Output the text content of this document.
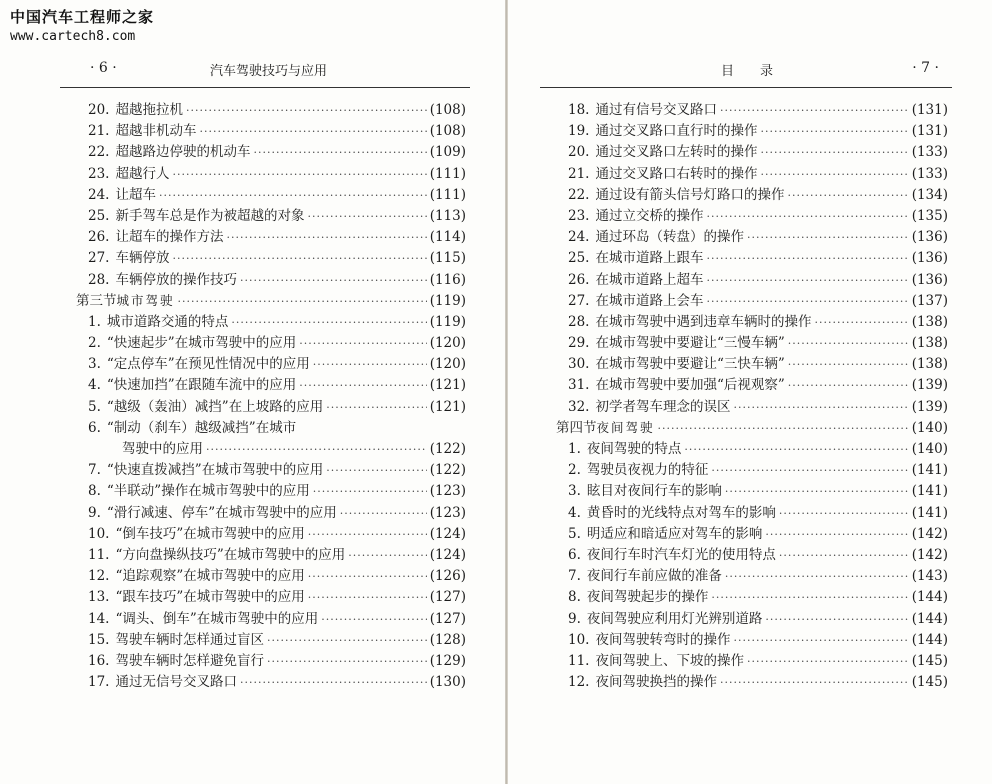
中国汽车工程师之家
www.cartech8.com
· 6 ·	汽车驾驶技巧与应用
20. 超越拖拉机 ·····	(108)
21. 超越非机动车 ·····	(108)
22. 超越路边停驶的机动车 ·····	(109)
23. 超越行人 ·····	(111)
24. 让超车 ·····	(111)
25. 新手驾车总是作为被超越的对象 ·····	(113)
26. 让超车的操作方法 ·····	(114)
27. 车辆停放 ·····	(115)
28. 车辆停放的操作技巧 ·····	(116)
第三节 城市驾驶 ·····	(119)
1. 城市道路交通的特点 ·····	(119)
2. “快速起步”在城市驾驶中的应用 ·····	(120)
3. “定点停车”在预见性情况中的应用 ·····	(120)
4. “快速加挡”在跟随车流中的应用 ·····	(121)
5. “越级（轰油）减挡”在上坡路的应用 ·····	(121)
6. “制动（刹车）越级减挡”在城市
驾驶中的应用 ·····	(122)
7. “快速直拨减挡”在城市驾驶中的应用 ·····	(122)
8. “半联动”操作在城市驾驶中的应用 ·····	(123)
9. “滑行减速、停车”在城市驾驶中的应用 ·····	(123)
10. “倒车技巧”在城市驾驶中的应用 ·····	(124)
11. “方向盘操纵技巧”在城市驾驶中的应用 ·····	(124)
12. “追踪观察”在城市驾驶中的应用 ·····	(126)
13. “跟车技巧”在城市驾驶中的应用 ·····	(127)
14. “调头、倒车”在城市驾驶中的应用 ·····	(127)
15. 驾驶车辆时怎样通过盲区 ·····	(128)
16. 驾驶车辆时怎样避免盲行 ·····	(129)
17. 通过无信号交叉路口 ·····	(130)
目录	· 7 ·
18. 通过有信号交叉路口 ·····	(131)
19. 通过交叉路口直行时的操作 ·····	(131)
20. 通过交叉路口左转时的操作 ·····	(133)
21. 通过交叉路口右转时的操作 ·····	(133)
22. 通过设有箭头信号灯路口的操作 ·····	(134)
23. 通过立交桥的操作 ·····	(135)
24. 通过环岛（转盘）的操作 ·····	(136)
25. 在城市道路上跟车 ·····	(136)
26. 在城市道路上超车 ·····	(136)
27. 在城市道路上会车 ·····	(137)
28. 在城市驾驶中遇到违章车辆时的操作 ·····	(138)
29. 在城市驾驶中要避让“三慢车辆” ·····	(138)
30. 在城市驾驶中要避让“三快车辆” ·····	(138)
31. 在城市驾驶中要加强“后视观察” ·····	(139)
32. 初学者驾车理念的误区 ·····	(139)
第四节 夜间驾驶 ·····	(140)
1. 夜间驾驶的特点 ·····	(140)
2. 驾驶员夜视力的特征 ·····	(141)
3. 眩目对夜间行车的影响 ·····	(141)
4. 黄昏时的光线特点对驾车的影响 ·····	(141)
5. 明适应和暗适应对驾车的影响 ·····	(142)
6. 夜间行车时汽车灯光的使用特点 ·····	(142)
7. 夜间行车前应做的准备 ·····	(143)
8. 夜间驾驶起步的操作 ·····	(144)
9. 夜间驾驶应利用灯光辨别道路 ·····	(144)
10. 夜间驾驶转弯时的操作 ·····	(144)
11. 夜间驾驶上、下坡的操作 ·····	(145)
12. 夜间驾驶换挡的操作 ·····	(145)
